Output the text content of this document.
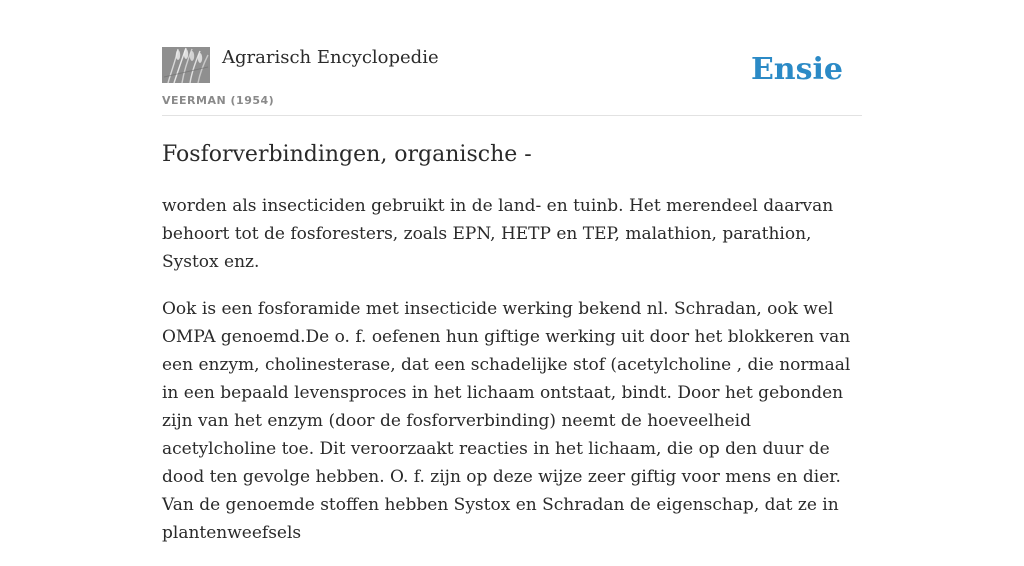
Agrarisch Encyclopedie
VEERMAN (1954)
Ensie
Fosforverbindingen, organische -

worden als insecticiden gebruikt in de land- en tuinb. Het merendeel daarvan behoort tot de fosforesters, zoals EPN, HETP en TEP, malathion, parathion, Systox enz.

Ook is een fosforamide met insecticide werking bekend nl. Schradan, ook wel OMPA genoemd.De o. f. oefenen hun giftige werking uit door het blokkeren van een enzym, cholinesterase, dat een schadelijke stof (acetylcholine , die normaal in een bepaald levensproces in het lichaam ontstaat, bindt. Door het gebonden zijn van het enzym (door de fosforverbinding) neemt de hoeveelheid acetylcholine toe. Dit veroorzaakt reacties in het lichaam, die op den duur de dood ten gevolge hebben. O. f. zijn op deze wijze zeer giftig voor mens en dier. Van de genoemde stoffen hebben Systox en Schradan de eigenschap, dat ze in plantenweefsels
